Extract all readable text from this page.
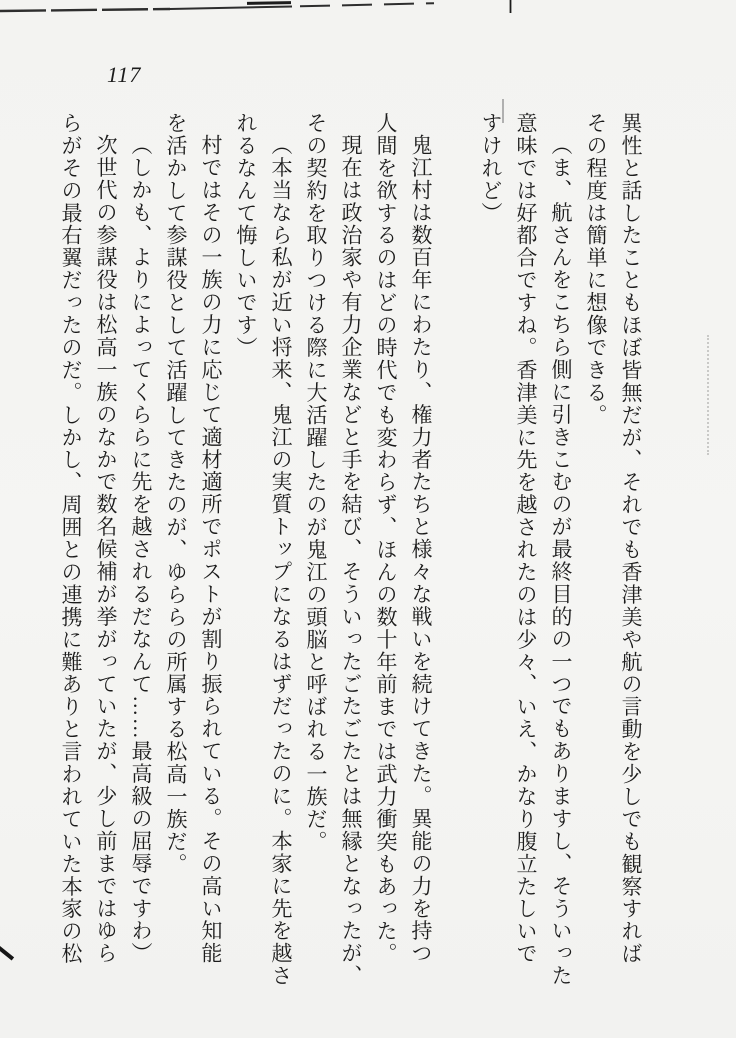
117
異性と話したこともほぼ皆無だが、それでも香津美や航の言動を少しでも観察すれば
その程度は簡単に想像できる。
（ま、航さんをこちら側に引きこむのが最終目的の一つでもありますし、そういった
意味では好都合ですね。香津美に先を越されたのは少々、いえ、かなり腹立たしいで
すけれど）
鬼江村は数百年にわたり、権力者たちと様々な戦いを続けてきた。異能の力を持つ
人間を欲するのはどの時代でも変わらず、ほんの数十年前までは武力衝突もあった。
現在は政治家や有力企業などと手を結び、そういったごたごたとは無縁となったが、
その契約を取りつける際に大活躍したのが鬼江の頭脳と呼ばれる一族だ。
（本当なら私が近い将来、鬼江の実質トップになるはずだったのに。本家に先を越さ
れるなんて悔しいです）
村ではその一族の力に応じて適材適所でポストが割り振られている。その高い知能
を活かして参謀役として活躍してきたのが、ゆららの所属する松高一族だ。
（しかも、よりによってくららに先を越されるだなんて……最高級の屈辱ですわ）
次世代の参謀役は松高一族のなかで数名候補が挙がっていたが、少し前まではゆら
らがその最右翼だったのだ。しかし、周囲との連携に難ありと言われていた本家の松
